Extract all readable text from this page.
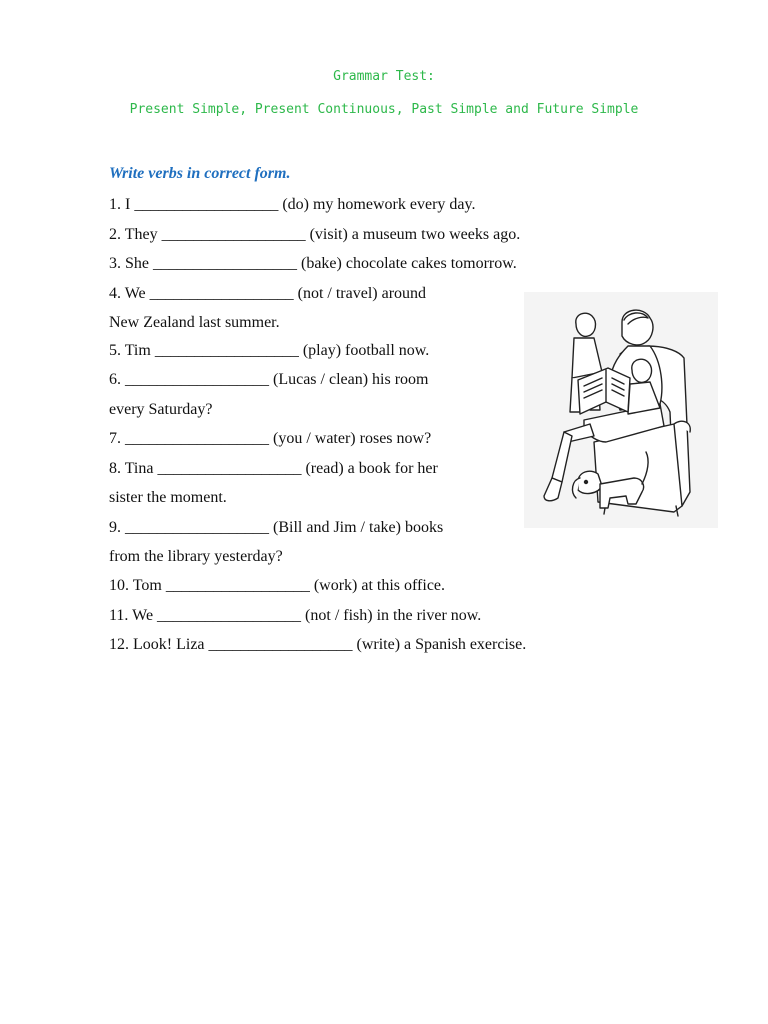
Grammar Test:
Present Simple, Present Continuous, Past Simple and Future Simple
Write verbs in correct form.
1. I __________________ (do) my homework every day.
2. They __________________ (visit) a museum two weeks ago.
3. She __________________ (bake) chocolate cakes tomorrow.
4. We __________________ (not / travel) around
New Zealand last summer.
5. Tim __________________ (play) football now.
6. __________________ (Lucas / clean) his room
every Saturday?
7. __________________ (you / water) roses now?
8. Tina __________________ (read) a book for her
sister the moment.
9. __________________ (Bill and Jim / take) books
from the library yesterday?
10. Tom __________________ (work) at this office.
11. We __________________ (not / fish) in the river now.
12. Look! Liza __________________ (write) a Spanish exercise.
